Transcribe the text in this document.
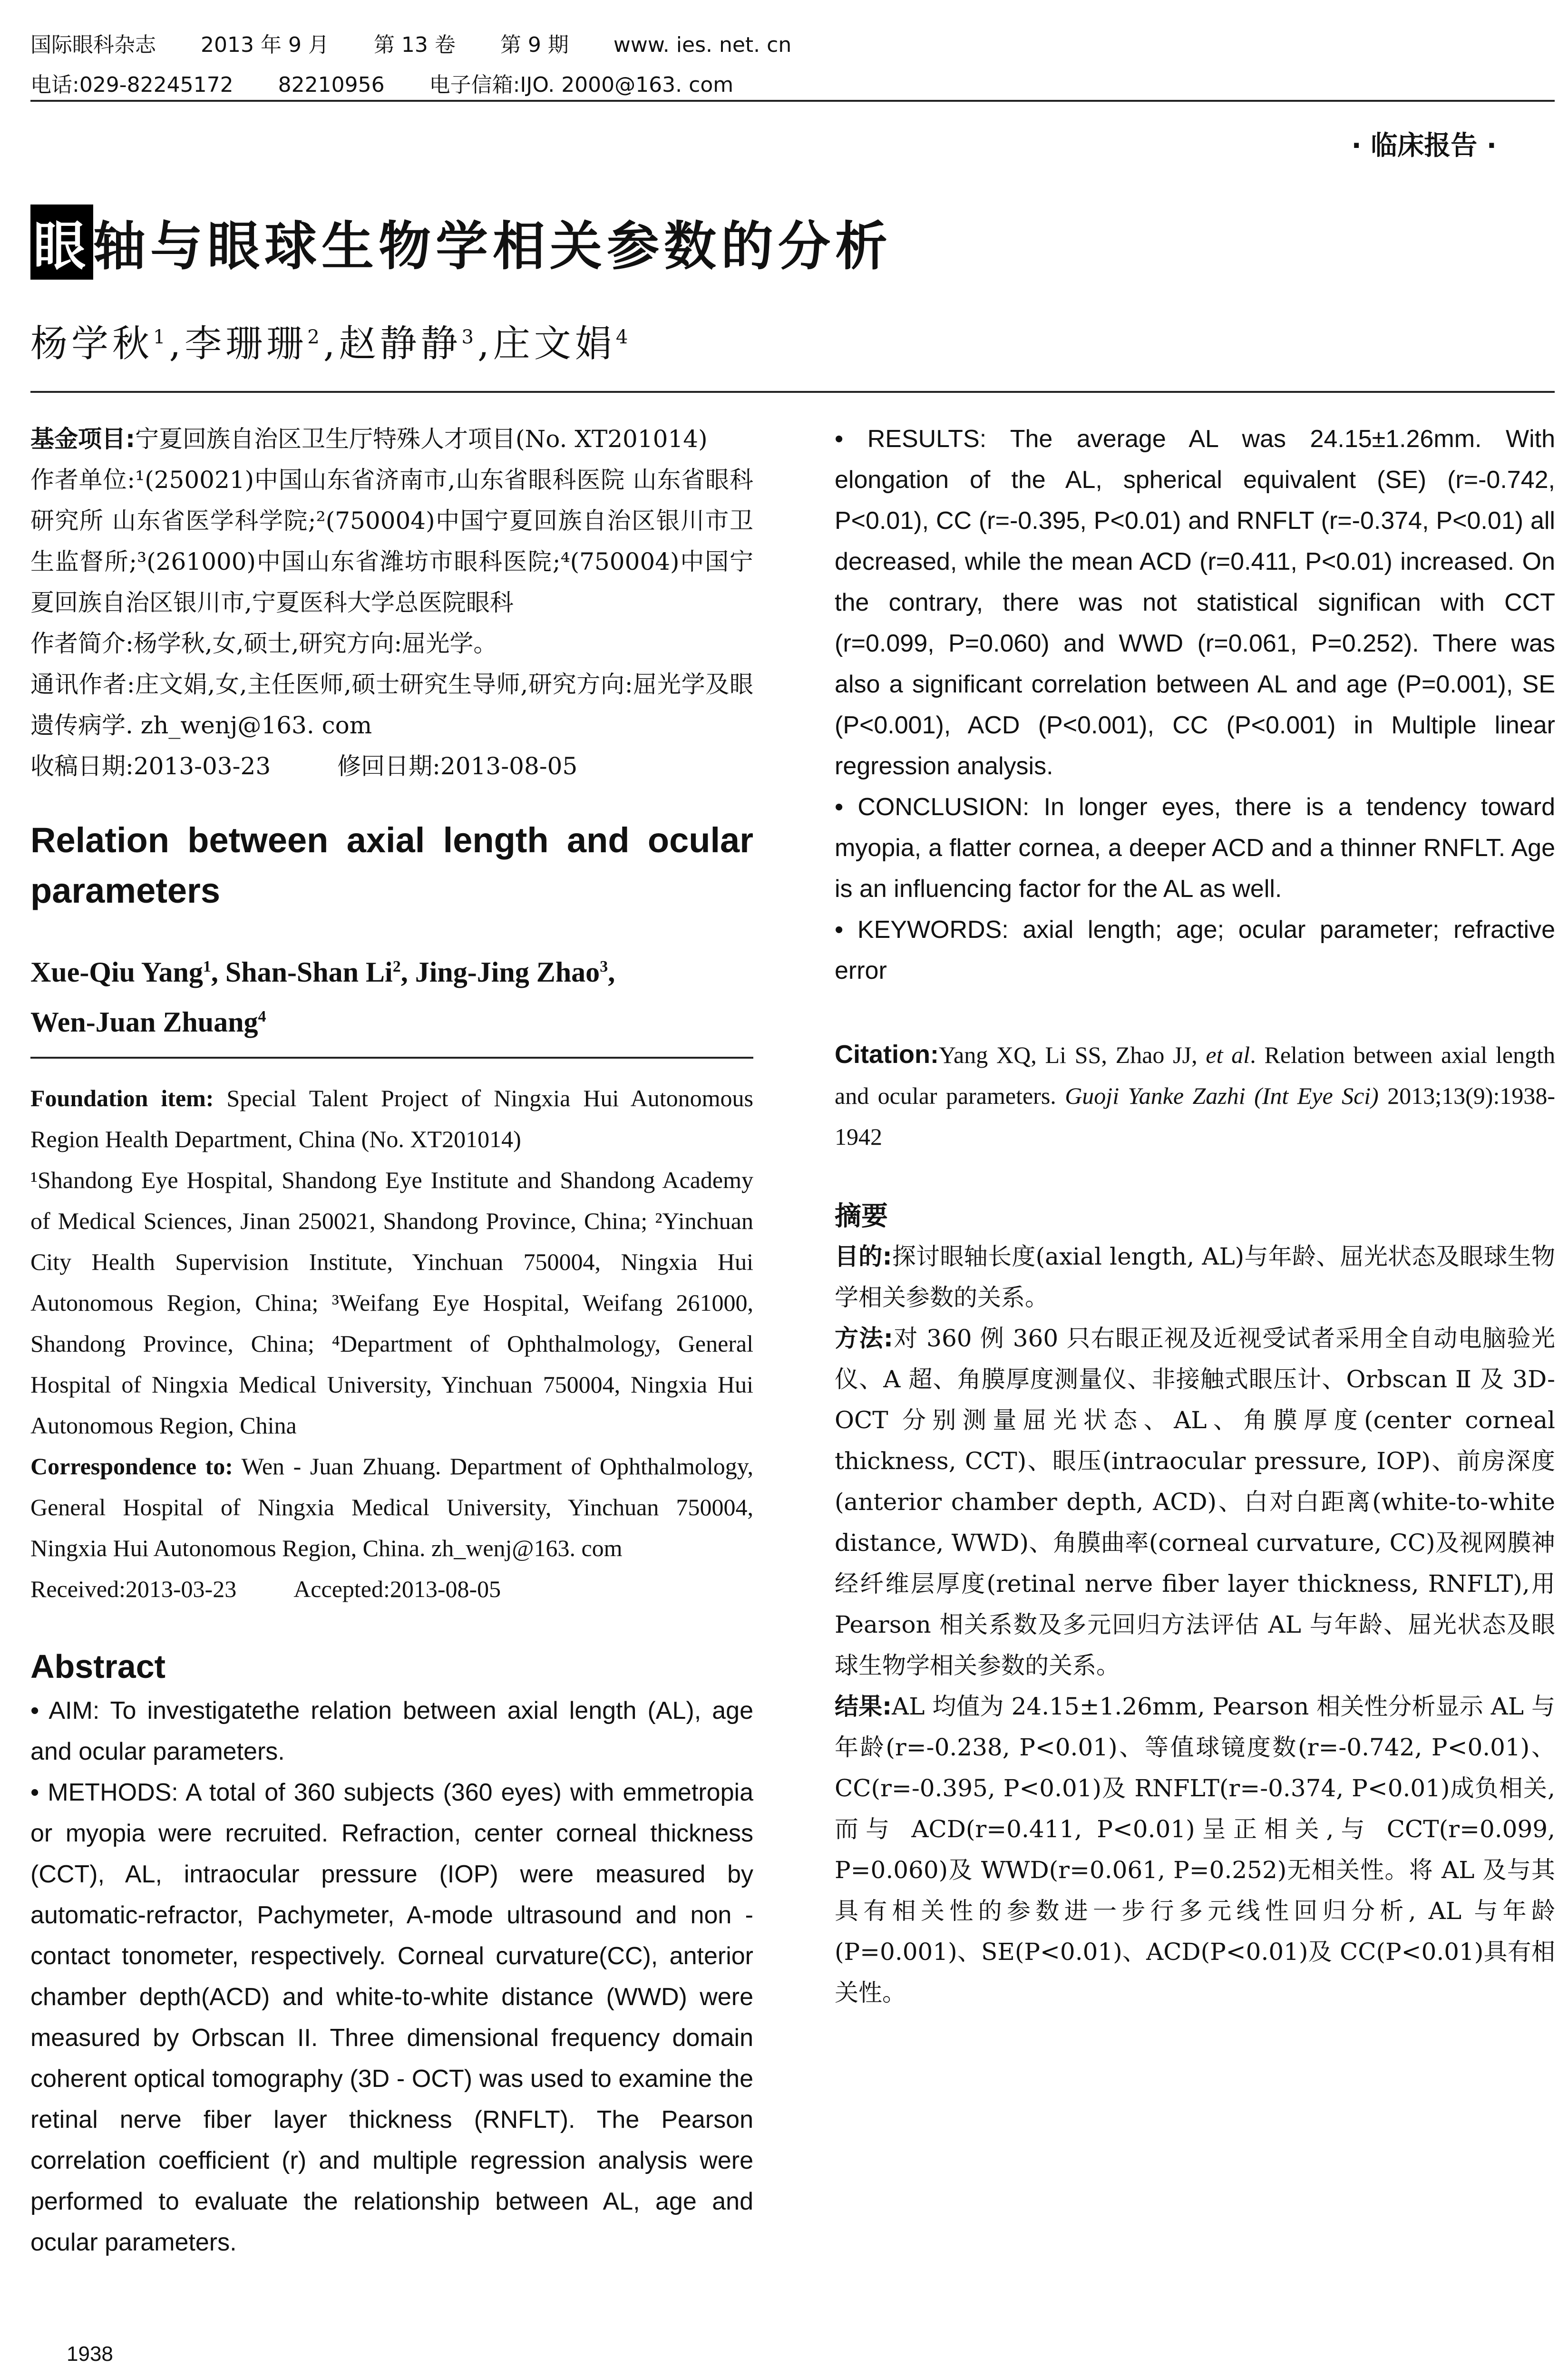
国际眼科杂志 2013 年 9 月 第 13 卷 第 9 期 www. ies. net. cn
电话:029-82245172 82210956 电子信箱:IJO. 2000@163. com
· 临床报告 ·
眼轴与眼球生物学相关参数的分析
杨学秋$^1$,李珊珊$^2$,赵静静$^3$,庄文娟$^4$

基金项目:宁夏回族自治区卫生厅特殊人才项目(No. XT201014)

作者单位:¹(250021)中国山东省济南市,山东省眼科医院 山东省眼科研究所 山东省医学科学院;²(750004)中国宁夏回族自治区银川市卫生监督所;³(261000)中国山东省潍坊市眼科医院;⁴(750004)中国宁夏回族自治区银川市,宁夏医科大学总医院眼科

作者简介:杨学秋,女,硕士,研究方向:屈光学。

通讯作者:庄文娟,女,主任医师,硕士研究生导师,研究方向:屈光学及眼遗传病学. zh_wenj@163. com

收稿日期:2013-03-23	修回日期:2013-08-05

Relation between axial length and ocular parameters
Xue-Qiu Yang$^1$, Shan-Shan Li$^2$, Jing-Jing Zhao$^3$,
Wen-Juan Zhuang$^4$

Foundation item: Special Talent Project of Ningxia Hui Autonomous Region Health Department, China (No. XT201014)

¹Shandong Eye Hospital, Shandong Eye Institute and Shandong Academy of Medical Sciences, Jinan 250021, Shandong Province, China; ²Yinchuan City Health Supervision Institute, Yinchuan 750004, Ningxia Hui Autonomous Region, China; ³Weifang Eye Hospital, Weifang 261000, Shandong Province, China; ⁴Department of Ophthalmology, General Hospital of Ningxia Medical University, Yinchuan 750004, Ningxia Hui Autonomous Region, China

Correspondence to: Wen - Juan Zhuang. Department of Ophthalmology, General Hospital of Ningxia Medical University, Yinchuan 750004, Ningxia Hui Autonomous Region, China. zh_wenj@163. com

Received:2013-03-23 Accepted:2013-08-05

Abstract

• AIM: To investigatethe relation between axial length (AL), age and ocular parameters.

• METHODS: A total of 360 subjects (360 eyes) with emmetropia or myopia were recruited. Refraction, center corneal thickness (CCT), AL, intraocular pressure (IOP) were measured by automatic-refractor, Pachymeter, A-mode ultrasound and non - contact tonometer, respectively. Corneal curvature(CC), anterior chamber depth(ACD) and white-to-white distance (WWD) were measured by Orbscan II. Three dimensional frequency domain coherent optical tomography (3D - OCT) was used to examine the retinal nerve fiber layer thickness (RNFLT). The Pearson correlation coefficient (r) and multiple regression analysis were performed to evaluate the relationship between AL, age and ocular parameters.

• RESULTS: The average AL was 24.15±1.26mm. With elongation of the AL, spherical equivalent (SE) (r=-0.742, P<0.01), CC (r=-0.395, P<0.01) and RNFLT (r=-0.374, P<0.01) all decreased, while the mean ACD (r=0.411, P<0.01) increased. On the contrary, there was not statistical significan with CCT (r=0.099, P=0.060) and WWD (r=0.061, P=0.252). There was also a significant correlation between AL and age (P=0.001), SE (P<0.001), ACD (P<0.001), CC (P<0.001) in Multiple linear regression analysis.

• CONCLUSION: In longer eyes, there is a tendency toward myopia, a flatter cornea, a deeper ACD and a thinner RNFLT. Age is an influencing factor for the AL as well.

• KEYWORDS: axial length; age; ocular parameter; refractive error

Citation:Yang XQ, Li SS, Zhao JJ, et al. Relation between axial length and ocular parameters. Guoji Yanke Zazhi (Int Eye Sci) 2013;13(9):1938-1942

摘要

目的:探讨眼轴长度(axial length, AL)与年龄、屈光状态及眼球生物学相关参数的关系。

方法:对 360 例 360 只右眼正视及近视受试者采用全自动电脑验光仪、A 超、角膜厚度测量仪、非接触式眼压计、Orbscan Ⅱ 及 3D-OCT 分别测量屈光状态、AL、角膜厚度(center corneal thickness, CCT)、眼压(intraocular pressure, IOP)、前房深度(anterior chamber depth, ACD)、白对白距离(white-to-white distance, WWD)、角膜曲率(corneal curvature, CC)及视网膜神经纤维层厚度(retinal nerve fiber layer thickness, RNFLT),用 Pearson 相关系数及多元回归方法评估 AL 与年龄、屈光状态及眼球生物学相关参数的关系。

结果:AL 均值为 24.15±1.26mm, Pearson 相关性分析显示 AL 与年龄(r=-0.238, P<0.01)、等值球镜度数(r=-0.742, P<0.01)、CC(r=-0.395, P<0.01)及 RNFLT(r=-0.374, P<0.01)成负相关,而与 ACD(r=0.411, P<0.01)呈正相关,与 CCT(r=0.099, P=0.060)及 WWD(r=0.061, P=0.252)无相关性。将 AL 及与其具有相关性的参数进一步行多元线性回归分析, AL 与年龄(P=0.001)、SE(P<0.01)、ACD(P<0.01)及 CC(P<0.01)具有相关性。

1938
